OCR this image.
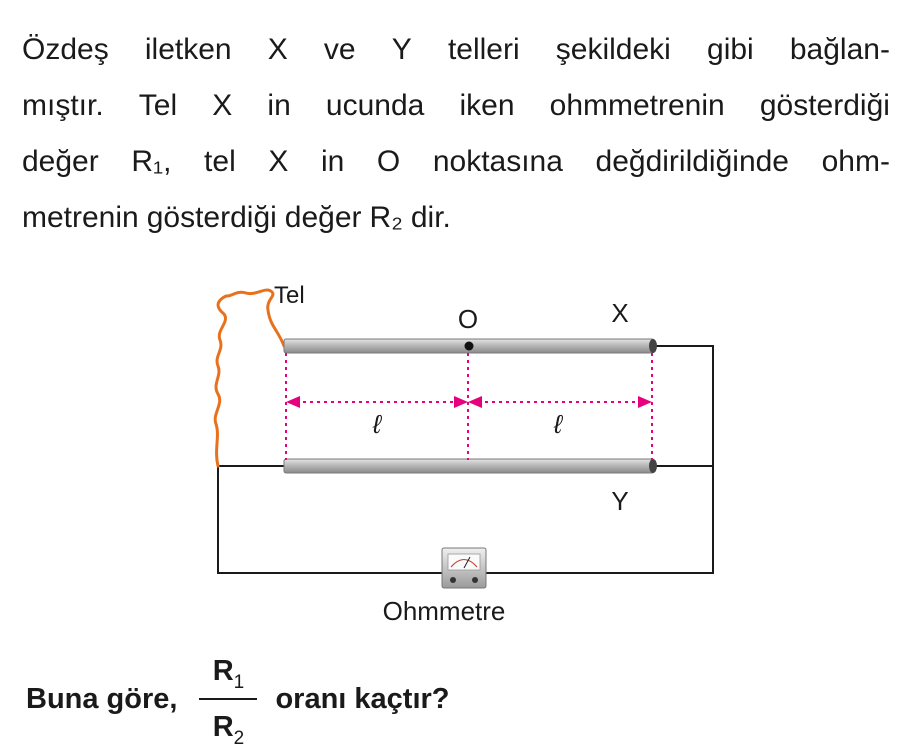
Özdeş iletken X ve Y telleri şekildeki gibi bağlan-
mıştır. Tel X in ucunda iken ohmmetrenin gösterdiği
değer R₁, tel X in O noktasına değdirildiğinde ohm-
metrenin gösterdiği değer R₂ dir.
Tel
O	X
Y
ℓ	ℓ
Ohmmetre
Buna göre, $\frac{R_1}{R_2}$ oranı kaçtır?
